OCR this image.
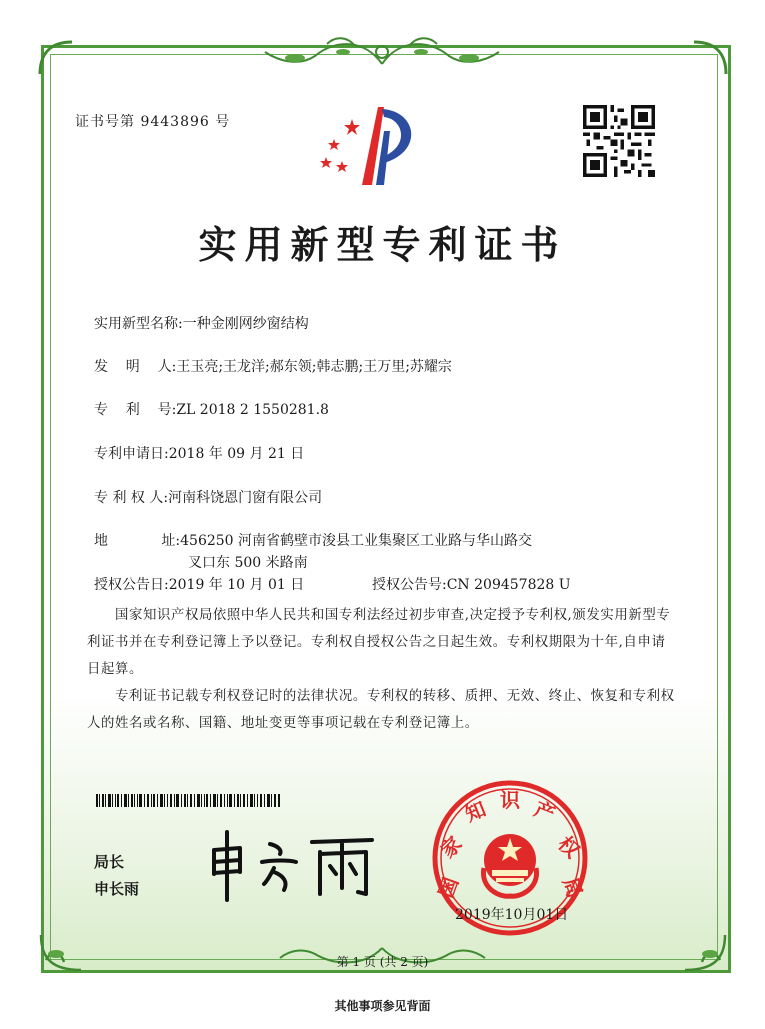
证书号第 9443896 号
实用新型专利证书
实用新型名称:一种金刚网纱窗结构
发    明    人:王玉亮;王龙洋;郝东领;韩志鹏;王万里;苏耀宗
专    利    号:ZL 2018 2 1550281.8
专利申请日:2018 年 09 月 21 日
专 利 权 人:河南科饶恩门窗有限公司
地            址:456250 河南省鹤壁市浚县工业集聚区工业路与华山路交
叉口东 500 米路南
授权公告日:2019 年 10 月 01 日	授权公告号:CN 209457828 U
国家知识产权局依照中华人民共和国专利法经过初步审查,决定授予专利权,颁发实用新型专利证书并在专利登记簿上予以登记。专利权自授权公告之日起生效。专利权期限为十年,自申请日起算。
专利证书记载专利权登记时的法律状况。专利权的转移、质押、无效、终止、恢复和专利权人的姓名或名称、国籍、地址变更等事项记载在专利登记簿上。
局长
申长雨	国
家
知 识 产
权
局
2019年10月01日
第 1 页 (共 2 页)
其他事项参见背面
